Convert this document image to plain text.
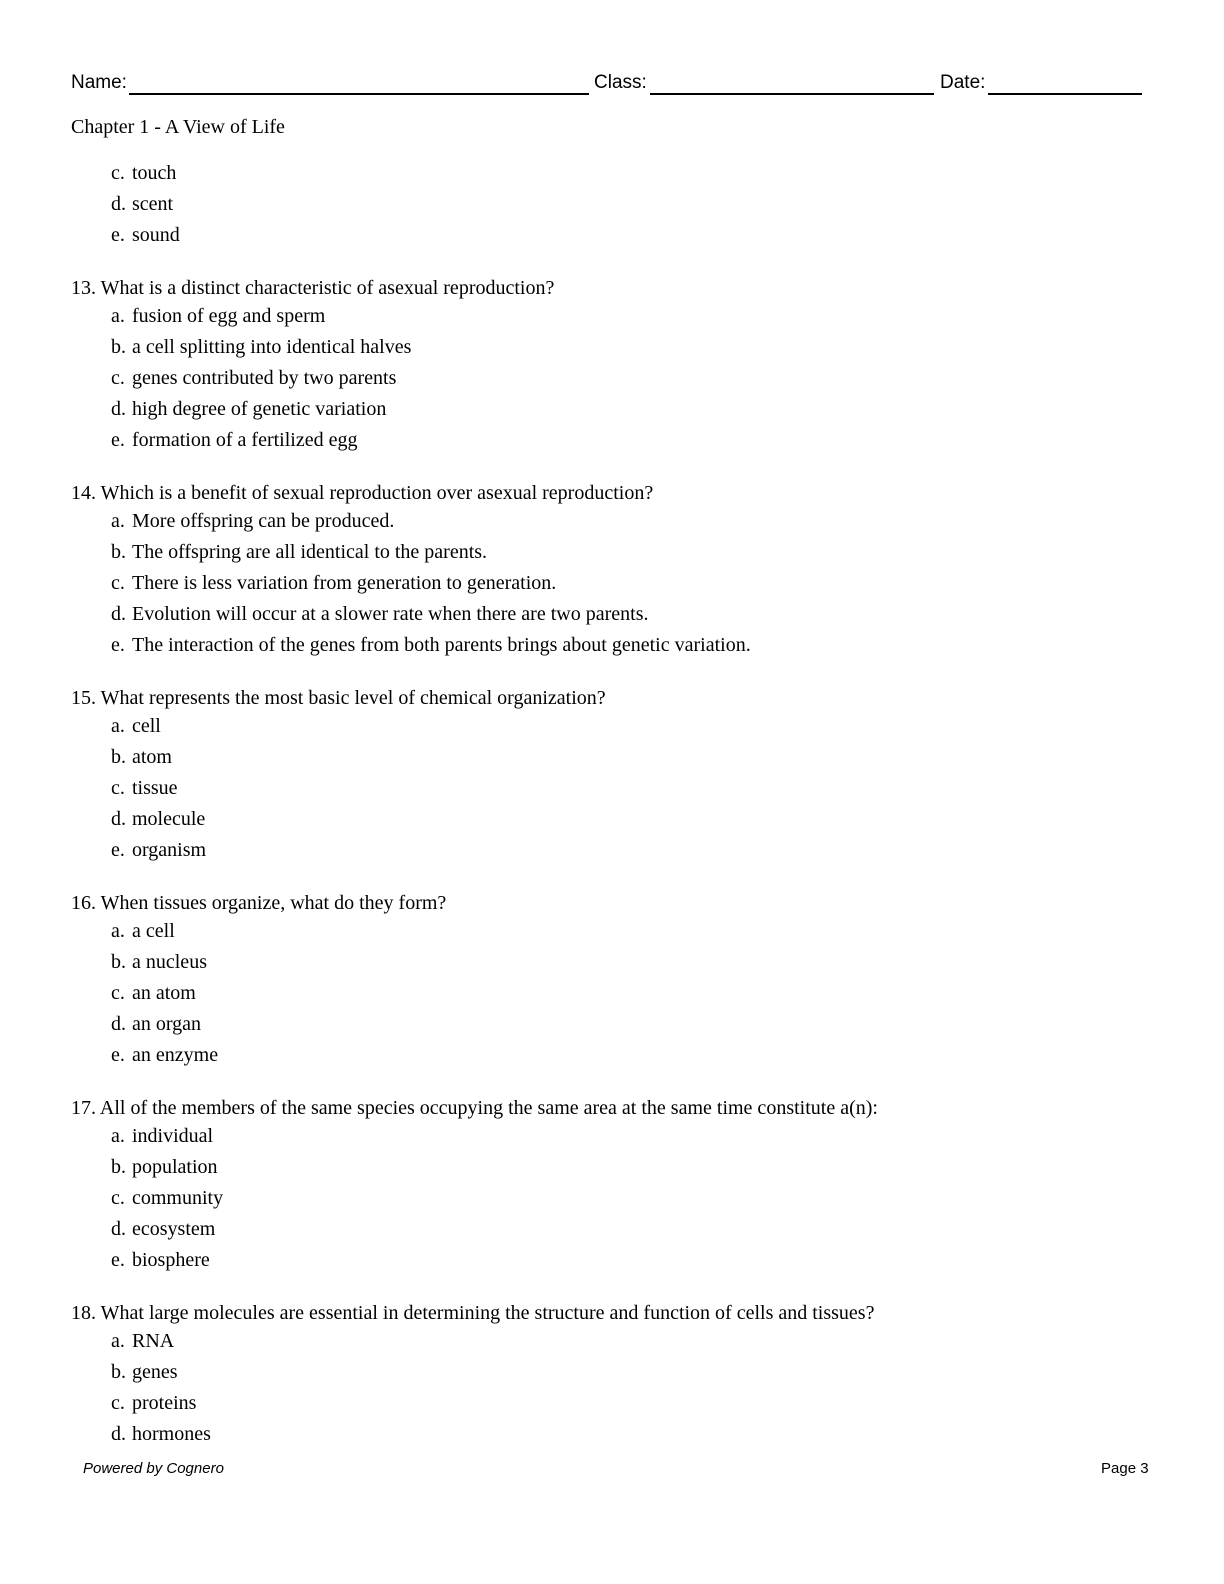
Name:	Class:	Date:
Chapter 1 - A View of Life
c. touch
d. scent
e. sound
13. What is a distinct characteristic of asexual reproduction?
a. fusion of egg and sperm
b. a cell splitting into identical halves
c. genes contributed by two parents
d. high degree of genetic variation
e. formation of a fertilized egg
14. Which is a benefit of sexual reproduction over asexual reproduction?
a. More offspring can be produced.
b. The offspring are all identical to the parents.
c. There is less variation from generation to generation.
d. Evolution will occur at a slower rate when there are two parents.
e. The interaction of the genes from both parents brings about genetic variation.
15. What represents the most basic level of chemical organization?
a. cell
b. atom
c. tissue
d. molecule
e. organism
16. When tissues organize, what do they form?
a. a cell
b. a nucleus
c. an atom
d. an organ
e. an enzyme
17. All of the members of the same species occupying the same area at the same time constitute a(n):
a. individual
b. population
c. community
d. ecosystem
e. biosphere
18. What large molecules are essential in determining the structure and function of cells and tissues?
a. RNA
b. genes
c. proteins
d. hormones
Powered by Cognero	Page 3
